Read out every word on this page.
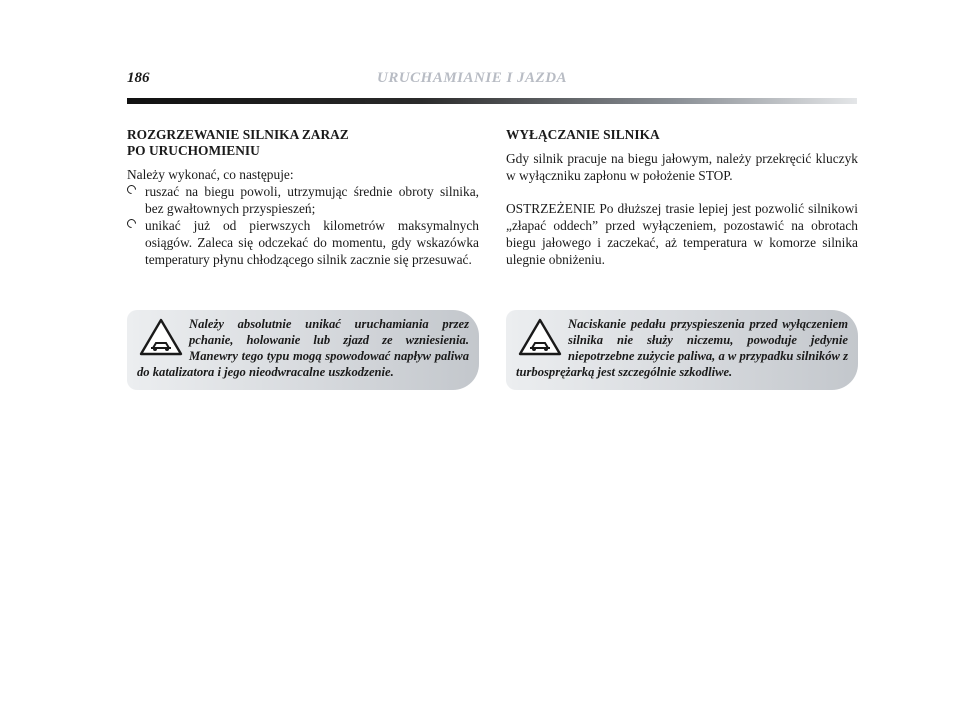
186	URUCHAMIANIE I JAZDA
ROZGRZEWANIE SILNIKA ZARAZ
PO URUCHOMIENIU

Należy wykonać, co następuje:

ruszać na biegu powoli, utrzymując średnie obroty silnika, bez gwałtownych przyspieszeń;
unikać już od pierwszych kilometrów maksymalnych osiągów. Zaleca się odczekać do momentu, gdy wskazówka temperatury płynu chłodzącego silnik zacznie się przesuwać.
Należy absolutnie unikać uruchamiania przez pchanie, holowanie lub zjazd ze wzniesienia. Manewry tego typu mogą spowodować napływ paliwa do katalizatora i jego nieodwracalne uszkodzenie.
WYŁĄCZANIE SILNIKA

Gdy silnik pracuje na biegu jałowym, należy przekręcić kluczyk w wyłączniku zapłonu w położenie STOP.

OSTRZEŻENIE Po dłuższej trasie lepiej jest pozwolić silnikowi „złapać oddech” przed wyłączeniem, pozostawić na obrotach biegu jałowego i zaczekać, aż temperatura w komorze silnika ulegnie obniżeniu.

Naciskanie pedału przyspieszenia przed wyłączeniem silnika nie służy niczemu, powoduje jedynie niepotrzebne zużycie paliwa, a w przypadku silników z turbosprężarką jest szczególnie szkodliwe.
